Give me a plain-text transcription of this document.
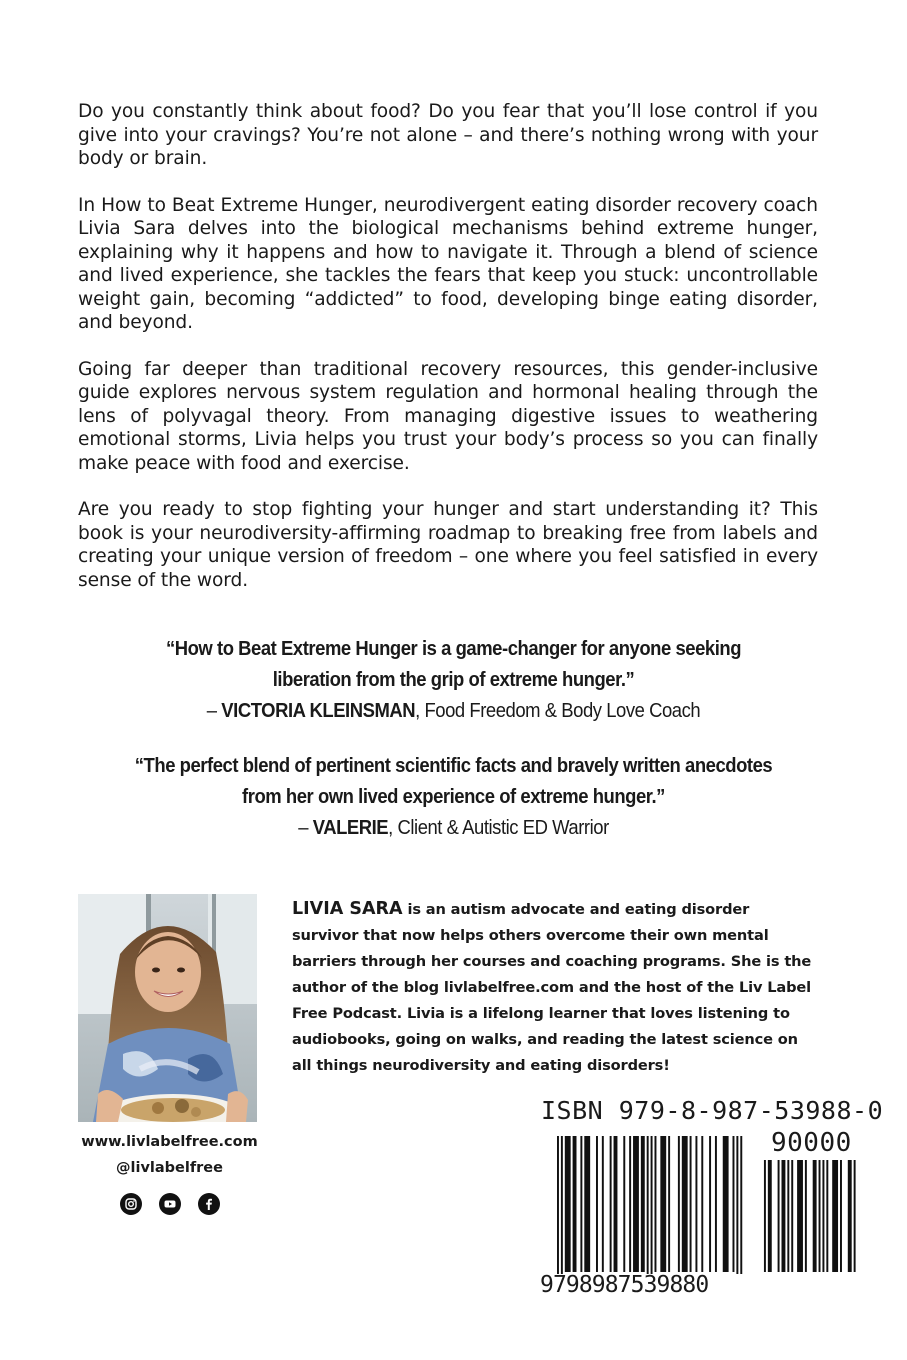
Do you constantly think about food? Do you fear that you’ll lose control if you give into your cravings? You’re not alone – and there’s nothing wrong with your body or brain.

In How to Beat Extreme Hunger, neurodivergent eating disorder recovery coach Livia Sara delves into the biological mechanisms behind extreme hunger, explaining why it happens and how to navigate it. Through a blend of science and lived experience, she tackles the fears that keep you stuck: uncontrollable weight gain, becoming “addicted” to food, developing binge eating disorder, and beyond.

Going far deeper than traditional recovery resources, this gender-inclusive guide explores nervous system regulation and hormonal healing through the lens of polyvagal theory. From managing digestive issues to weathering emotional storms, Livia helps you trust your body’s process so you can finally make peace with food and exercise.

Are you ready to stop fighting your hunger and start understanding it? This book is your neurodiversity-affirming roadmap to breaking free from labels and creating your unique version of freedom – one where you feel satisfied in every sense of the word.

“How to Beat Extreme Hunger is a game-changer for anyone seeking
liberation from the grip of extreme hunger.”
– VICTORIA KLEINSMAN, Food Freedom & Body Love Coach
“The perfect blend of pertinent scientific facts and bravely written anecdotes
from her own lived experience of extreme hunger.”
– VALERIE, Client & Autistic ED Warrior
www.livlabelfree.com
@livlabelfree
LIVIA SARA is an autism advocate and eating disorder survivor that now helps others overcome their own mental barriers through her courses and coaching programs. She is the author of the blog livlabelfree.com and the host of the Liv Label Free Podcast. Livia is a lifelong learner that loves listening to audiobooks, going on walks, and reading the latest science on all things neurodiversity and eating disorders!
ISBN 979-8-987-53988-0
90000
9798987539880
